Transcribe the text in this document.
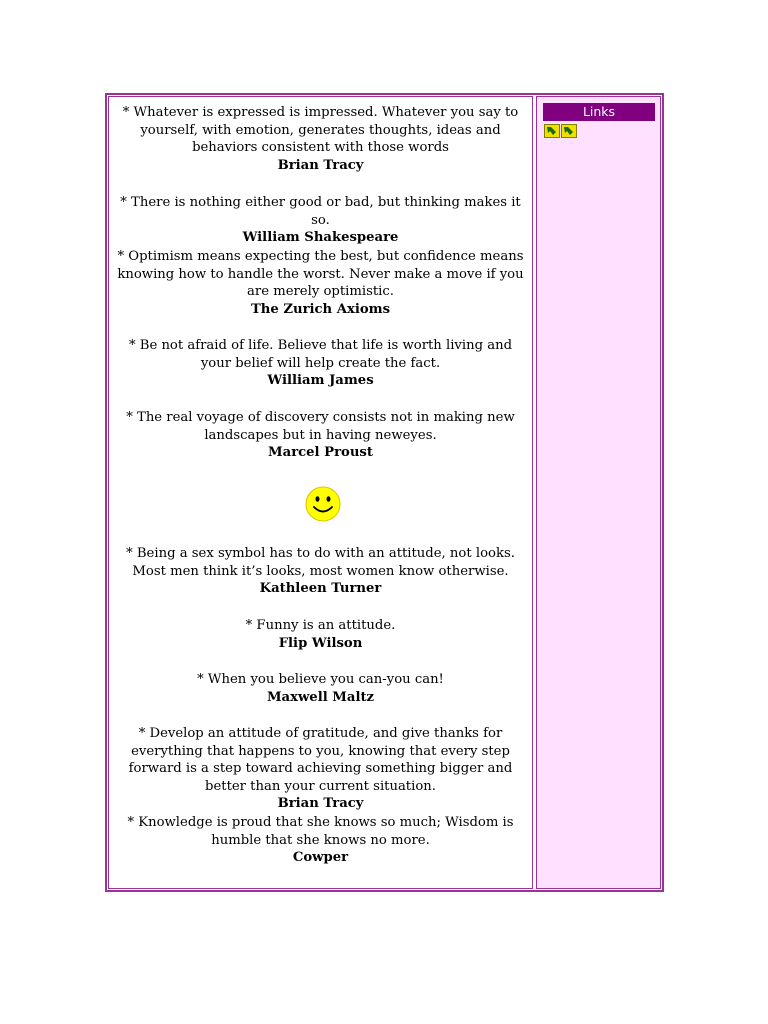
* Whatever is expressed is impressed. Whatever you say to yourself, with emotion, generates thoughts, ideas and behaviors consistent with those words
Brian Tracy
* There is nothing either good or bad, but thinking makes it so.
William Shakespeare
* Optimism means expecting the best, but confidence means knowing how to handle the worst. Never make a move if you are merely optimistic.
The Zurich Axioms
* Be not afraid of life. Believe that life is worth living and your belief will help create the fact.
William James
* The real voyage of discovery consists not in making new landscapes but in having neweyes.
Marcel Proust
* Being a sex symbol has to do with an attitude, not looks. Most men think it’s looks, most women know otherwise.
Kathleen Turner
* Funny is an attitude.
Flip Wilson
* When you believe you can-you can!
Maxwell Maltz
* Develop an attitude of gratitude, and give thanks for everything that happens to you, knowing that every step forward is a step toward achieving something bigger and better than your current situation.
Brian Tracy
* Knowledge is proud that she knows so much; Wisdom is humble that she knows no more.
Cowper
Links
